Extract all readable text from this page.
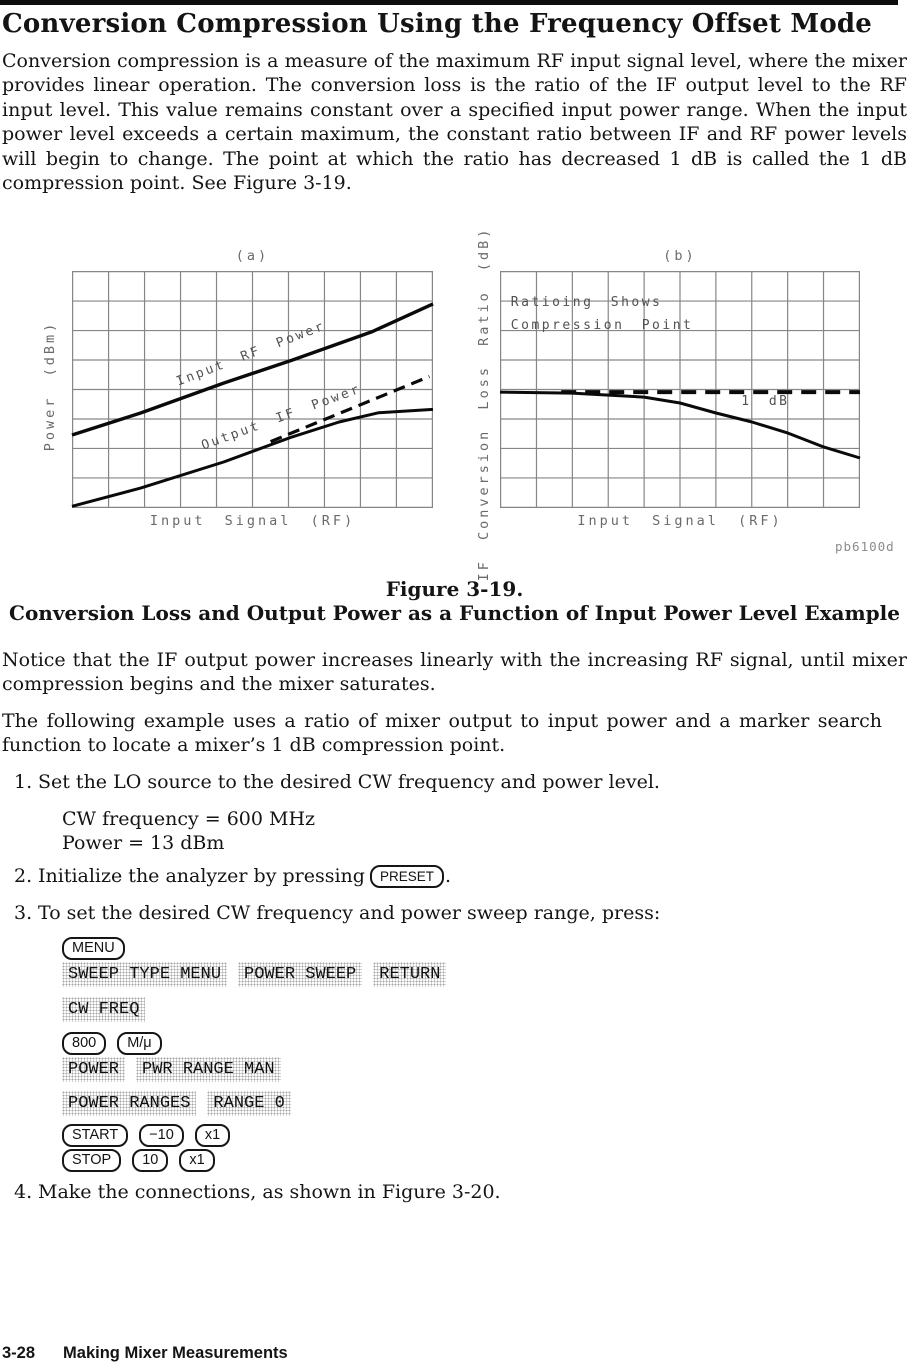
Conversion Compression Using the Frequency Offset Mode

Conversion compression is a measure of the maximum RF input signal level, where the mixer provides linear operation. The conversion loss is the ratio of the IF output level to the RF input level. This value remains constant over a specified input power range. When the input power level exceeds a certain maximum, the constant ratio between IF and RF power levels will begin to change. The point at which the ratio has decreased 1 dB is called the 1 dB compression point. See Figure 3-19.

(a)
Power (dBm)	Input RF Power
Output IF Power
Input Signal (RF)
(b)
IF Conversion Loss Ratio (dB) Ratioing Shows
Compression Point
1 dB
Input Signal (RF)
pb6100d
Figure 3-19.
Conversion Loss and Output Power as a Function of Input Power Level Example

Notice that the IF output power increases linearly with the increasing RF signal, until mixer compression begins and the mixer saturates.

The following example uses a ratio of mixer output to input power and a marker search function to locate a mixer’s 1 dB compression point.

1. Set the LO source to the desired CW frequency and power level.
CW frequency = 600 MHz
Power = 13 dBm
2. Initialize the analyzer by pressing PRESET .
3. To set the desired CW frequency and power sweep range, press:
MENU
SWEEP TYPE MENU	POWER SWEEP	RETURN
CW FREQ
800	M/μ
POWER	PWR RANGE MAN
POWER RANGES	RANGE 0
START	−10	x1
STOP	10	x1
4. Make the connections, as shown in Figure 3-20.
3-28 Making Mixer Measurements
